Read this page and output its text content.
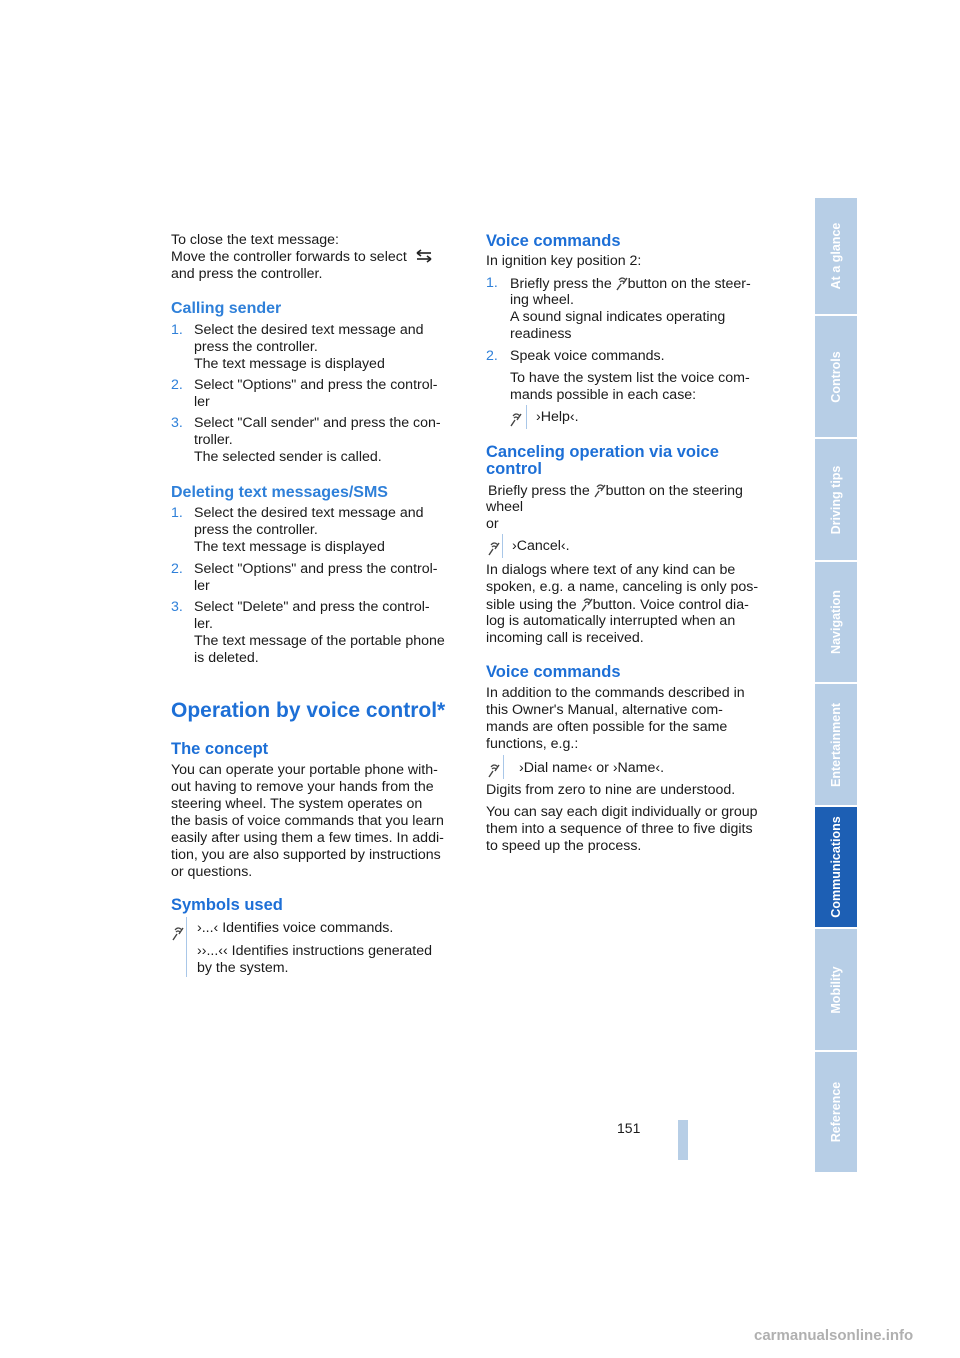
To close the text message:

Move the controller forwards to select

and press the controller.

Calling sender
1. Select the desired text message and
press the controller.
The text message is displayed
2. Select "Options" and press the control-
ler
3. Select "Call sender" and press the con-
troller.
The selected sender is called.
Deleting text messages/SMS
1. Select the desired text message and
press the controller.
The text message is displayed
2. Select "Options" and press the control-
ler
3. Select "Delete" and press the control-
ler.
The text message of the portable phone
is deleted.
Operation by voice control*
The concept

You can operate your portable phone with-

out having to remove your hands from the

steering wheel. The system operates on

the basis of voice commands that you learn

easily after using them a few times. In addi-

tion, you are also supported by instructions

or questions.

Symbols used

›...‹ Identifies voice commands.

››...‹‹ Identifies instructions generated

by the system.

Voice commands

In ignition key position 2:

1. Briefly press the button on the steer-

ing wheel.

A sound signal indicates operating

readiness

2. Speak voice commands.

To have the system list the voice com-

mands possible in each case:

›Help‹.

Canceling operation via voice
control

Briefly press the button on the steering

wheel

or

›Cancel‹.

In dialogs where text of any kind can be

spoken, e.g. a name, canceling is only pos-

sible using the button. Voice control dia-

log is automatically interrupted when an

incoming call is received.

Voice commands

In addition to the commands described in

this Owner's Manual, alternative com-

mands are often possible for the same

functions, e.g.:

›Dial name‹ or ›Name‹.

Digits from zero to nine are understood.

You can say each digit individually or group

them into a sequence of three to five digits

to speed up the process.

At a glance
Controls
Driving tips
Navigation
Entertainment
Communications
Mobility
Reference
151
carmanualsonline.info
